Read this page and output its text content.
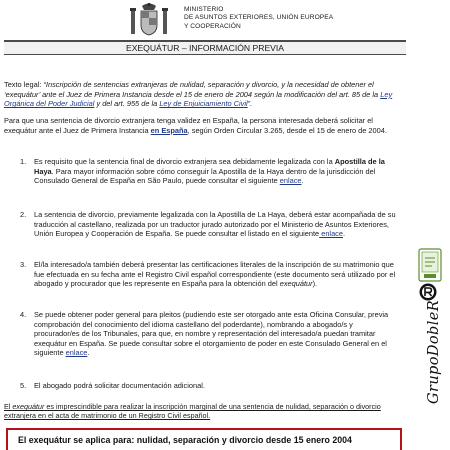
MINISTERIO
DE ASUNTOS EXTERIORES, UNIÓN EUROPEA
Y COOPERACIÓN
EXEQUÁTUR – INFORMACIÓN PREVIA
Texto legal: “Inscripción de sentencias extranjeras de nulidad, separación y divorcio, y la necesidad de obtener el ‘exequátur’ ante el Juez de Primera Instancia desde el 15 de enero de 2004 según la modificación del art. 85 de la Ley Orgánica del Poder Judicial y del art. 955 de la Ley de Enjuiciamiento Civil”.
Para que una sentencia de divorcio extranjera tenga validez en España, la persona interesada deberá solicitar el exequátur ante el Juez de Primera Instancia en España, según Orden Circular 3.265, desde el 15 de enero de 2004.
1.	Es requisito que la sentencia final de divorcio extranjera sea debidamente legalizada con la Apostilla de la Haya. Para mayor información sobre cómo conseguir la Apostilla de la Haya dentro de la jurisdicción del Consulado General de España en São Paulo, puede consultar el siguiente enlace.
2.	La sentencia de divorcio, previamente legalizada con la Apostilla de La Haya, deberá estar acompañada de su traducción al castellano, realizada por un traductor jurado autorizado por el Ministerio de Asuntos Exteriores, Unión Europea y Cooperación de España. Se puede consultar el listado en el siguiente enlace.
3.	El/la interesado/a también deberá presentar las certificaciones literales de la inscripción de su matrimonio que fue efectuada en su fecha ante el Registro Civil español correspondiente (este documento será utilizado por el abogado y procurador que les represente en España para la obtención del exequátur).
4.	Se puede obtener poder general para pleitos (pudiendo este ser otorgado ante esta Oficina Consular, previa comprobación del conocimiento del idioma castellano del poderdante), nombrando a abogado/s y procurador/es de los Tribunales, para que, en nombre y representación del interesado/a puedan tramitar exequátur en España. Se puede consultar sobre el otorgamiento de poder en este Consulado General en el siguiente enlace.
5.	El abogado podrá solicitar documentación adicional.
El exequátur es imprescindible para realizar la inscripción marginal de una sentencia de nulidad, separación o divorcio extranjera en el acta de matrimonio de un Registro Civil español.
El exequátur se aplica para: nulidad, separación y divorcio desde 15 enero 2004
GrupoDobleR
